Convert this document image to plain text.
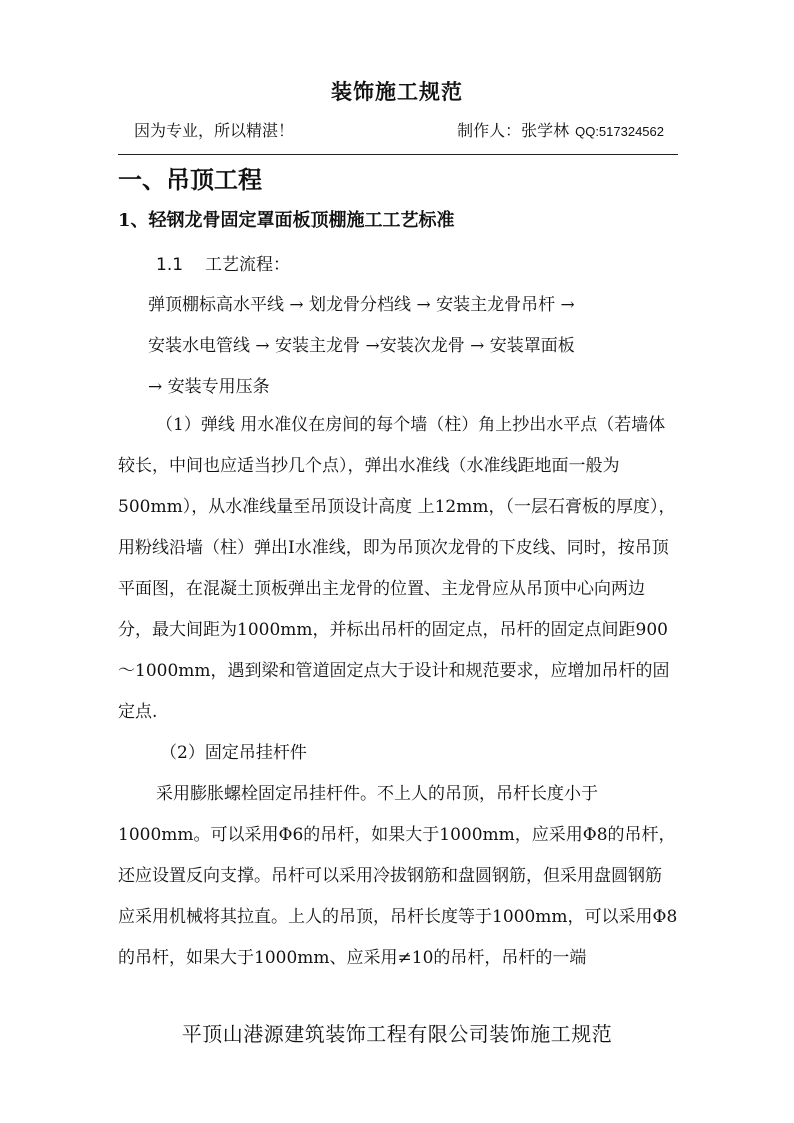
装饰施工规范
因为专业，所以精湛！	制作人：张学林 QQ:517324562
一、吊顶工程
1、轻钢龙骨固定罩面板顶棚施工工艺标准
1.1 工艺流程：
弹顶棚标高水平线 → 划龙骨分档线 → 安装主龙骨吊杆 →
安装水电管线 → 安装主龙骨 →安装次龙骨 → 安装罩面板
→ 安装专用压条
（1）弹线 用水准仪在房间的每个墙（柱）角上抄出水平点（若墙体较长，中间也应适当抄几个点），弹出水准线（水准线距地面一般为500mm），从水准线量至吊顶设计高度 上12mm，（一层石膏板的厚度），用粉线沿墙（柱）弹出I水准线，即为吊顶次龙骨的下皮线、同时，按吊顶平面图，在混凝土顶板弹出主龙骨的位置、主龙骨应从吊顶中心向两边分，最大间距为1000mm，并标出吊杆的固定点，吊杆的固定点间距900～1000mm，遇到梁和管道固定点大于设计和规范要求，应增加吊杆的固定点.
（2）固定吊挂杆件
采用膨胀螺栓固定吊挂杆件。不上人的吊顶，吊杆长度小于1000mm。可以采用Φ6的吊杆，如果大于1000mm，应采用Φ8的吊杆，还应设置反向支撑。吊杆可以采用冷拔钢筋和盘圆钢筋，但采用盘圆钢筋应采用机械将其拉直。上人的吊顶，吊杆长度等于1000mm，可以采用Φ8的吊杆，如果大于1000mm、应采用≠10的吊杆，吊杆的一端
平顶山港源建筑装饰工程有限公司装饰施工规范
